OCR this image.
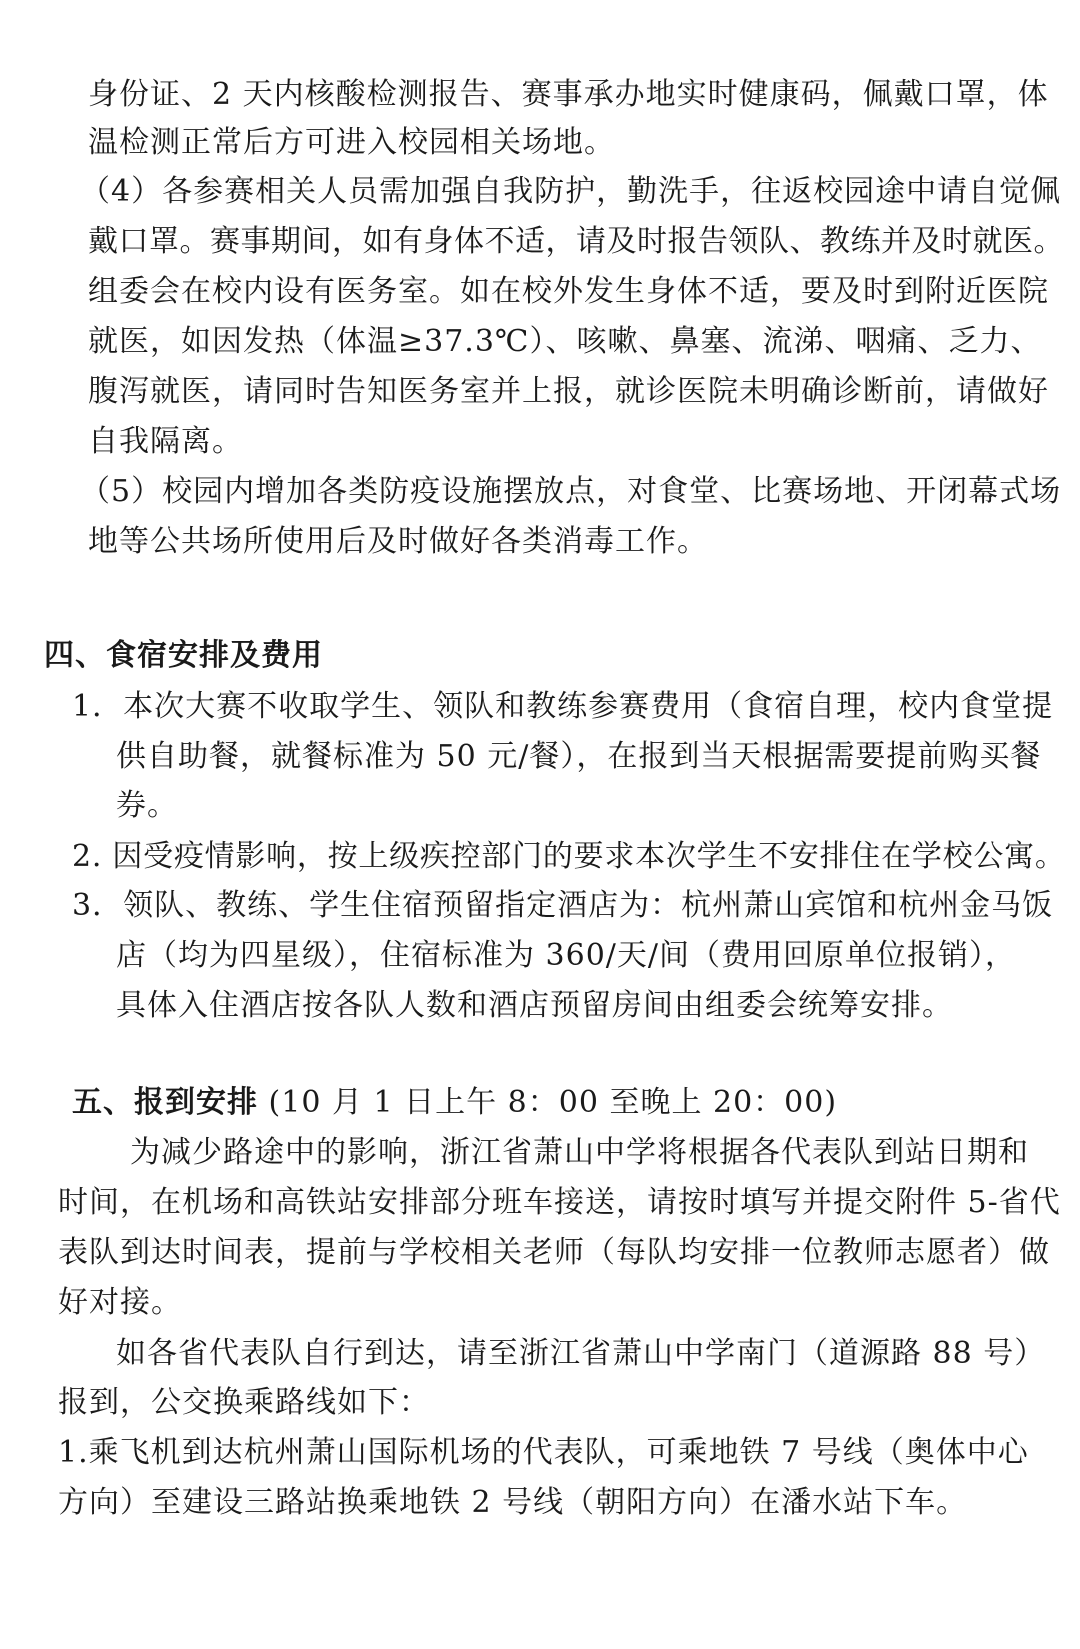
身份证、2 天内核酸检测报告、赛事承办地实时健康码，佩戴口罩，体
温检测正常后方可进入校园相关场地。
（4）各参赛相关人员需加强自我防护，勤洗手，往返校园途中请自觉佩
戴口罩。赛事期间，如有身体不适，请及时报告领队、教练并及时就医。
组委会在校内设有医务室。如在校外发生身体不适，要及时到附近医院
就医，如因发热（体温≥37.3℃）、咳嗽、鼻塞、流涕、咽痛、乏力、
腹泻就医，请同时告知医务室并上报，就诊医院未明确诊断前，请做好
自我隔离。
（5）校园内增加各类防疫设施摆放点，对食堂、比赛场地、开闭幕式场
地等公共场所使用后及时做好各类消毒工作。
四、食宿安排及费用
1．本次大赛不收取学生、领队和教练参赛费用（食宿自理，校内食堂提
供自助餐，就餐标准为 50 元/餐），在报到当天根据需要提前购买餐
券。
2. 因受疫情影响，按上级疾控部门的要求本次学生不安排住在学校公寓。
3．领队、教练、学生住宿预留指定酒店为：杭州萧山宾馆和杭州金马饭
店（均为四星级），住宿标准为 360/天/间（费用回原单位报销），
具体入住酒店按各队人数和酒店预留房间由组委会统筹安排。
五、报到安排 (10 月 1 日上午 8：00 至晚上 20：00)
为减少路途中的影响，浙江省萧山中学将根据各代表队到站日期和
时间，在机场和高铁站安排部分班车接送，请按时填写并提交附件 5-省代
表队到达时间表，提前与学校相关老师（每队均安排一位教师志愿者）做
好对接。
如各省代表队自行到达，请至浙江省萧山中学南门（道源路 88 号）
报到，公交换乘路线如下：
1.乘飞机到达杭州萧山国际机场的代表队，可乘地铁 7 号线（奥体中心
方向）至建设三路站换乘地铁 2 号线（朝阳方向）在潘水站下车。
